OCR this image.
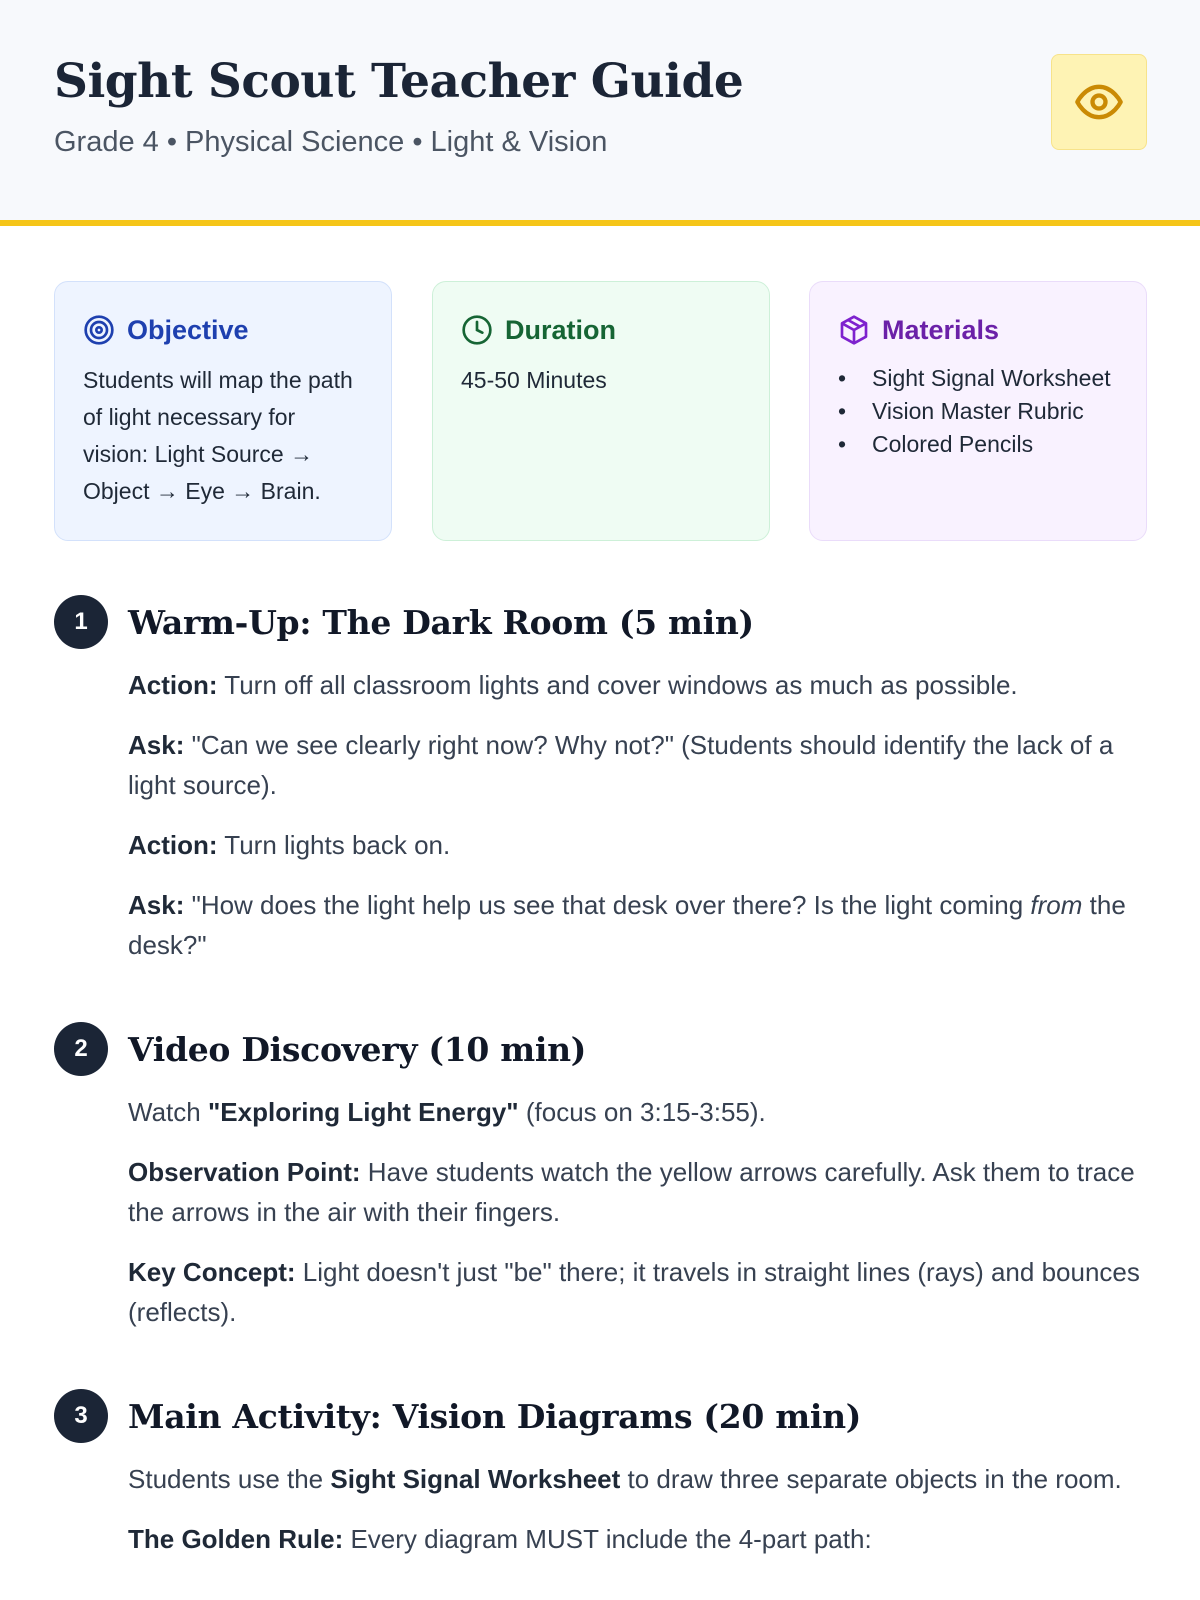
Sight Scout Teacher Guide
Grade 4 • Physical Science • Light & Vision
Objective
Students will map the path of light necessary for vision: Light Source → Object → Eye → Brain.
Duration
45-50 Minutes
Materials
• Sight Signal Worksheet
• Vision Master Rubric
• Colored Pencils
1	Warm-Up: The Dark Room (5 min)

Action: Turn off all classroom lights and cover windows as much as possible.

Ask: "Can we see clearly right now? Why not?" (Students should identify the lack of a light source).

Action: Turn lights back on.

Ask: "How does the light help us see that desk over there? Is the light coming from the desk?"

2	Video Discovery (10 min)

Watch "Exploring Light Energy" (focus on 3:15-3:55).

Observation Point: Have students watch the yellow arrows carefully. Ask them to trace the arrows in the air with their fingers.

Key Concept: Light doesn't just "be" there; it travels in straight lines (rays) and bounces (reflects).

3	Main Activity: Vision Diagrams (20 min)

Students use the Sight Signal Worksheet to draw three separate objects in the room.

The Golden Rule: Every diagram MUST include the 4-part path:
